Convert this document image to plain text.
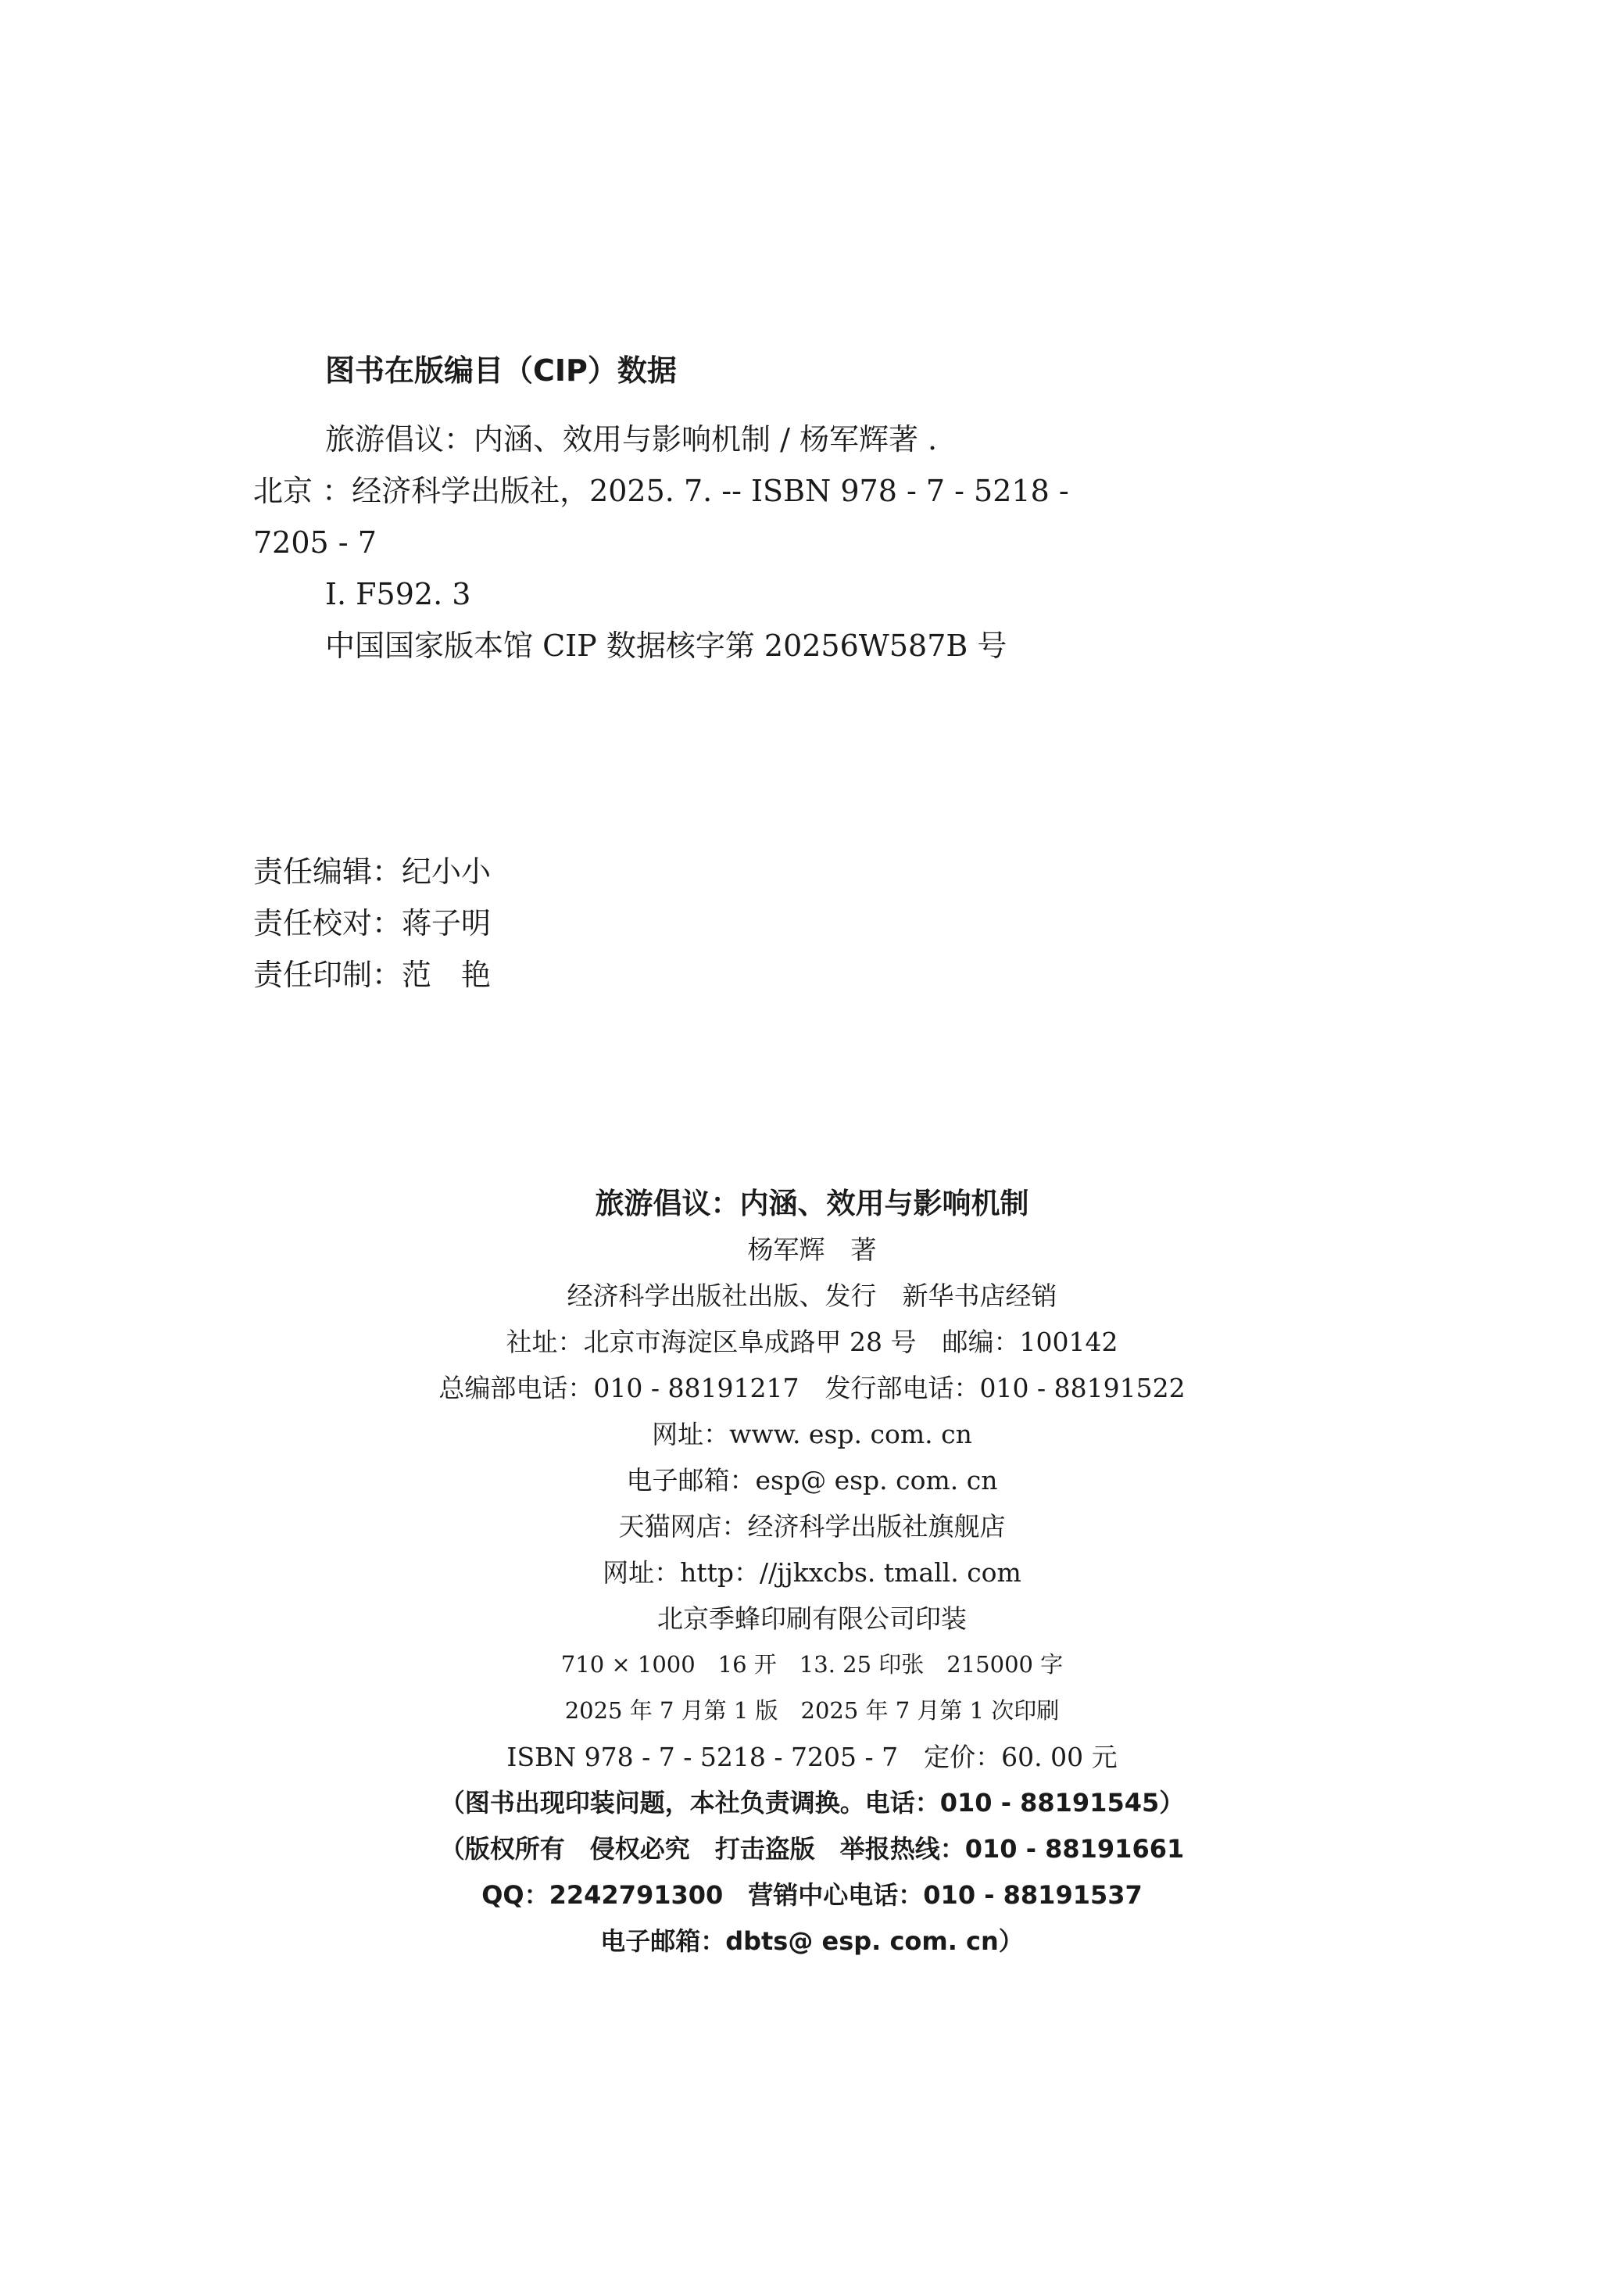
图书在版编目（CIP）数据
旅游倡议：内涵、效用与影响机制 / 杨军辉著 .
北京 ：经济科学出版社，2025. 7. -- ISBN 978 - 7 - 5218 -
7205 - 7
Ⅰ. F592. 3
中国国家版本馆 CIP 数据核字第 20256W587B 号
责任编辑：纪小小
责任校对：蒋子明
责任印制：范　艳
旅游倡议：内涵、效用与影响机制
杨军辉　著
经济科学出版社出版、发行　新华书店经销
社址：北京市海淀区阜成路甲 28 号　邮编：100142
总编部电话：010 - 88191217　发行部电话：010 - 88191522
网址：www. esp. com. cn
电子邮箱：esp@ esp. com. cn
天猫网店：经济科学出版社旗舰店
网址：http：//jjkxcbs. tmall. com
北京季蜂印刷有限公司印装
710 × 1000　16 开　13. 25 印张　215000 字
2025 年 7 月第 1 版　2025 年 7 月第 1 次印刷
ISBN 978 - 7 - 5218 - 7205 - 7　定价：60. 00 元
（图书出现印装问题，本社负责调换。电话：010 - 88191545）
（版权所有　侵权必究　打击盗版　举报热线：010 - 88191661
QQ：2242791300　营销中心电话：010 - 88191537
电子邮箱：dbts@ esp. com. cn）
